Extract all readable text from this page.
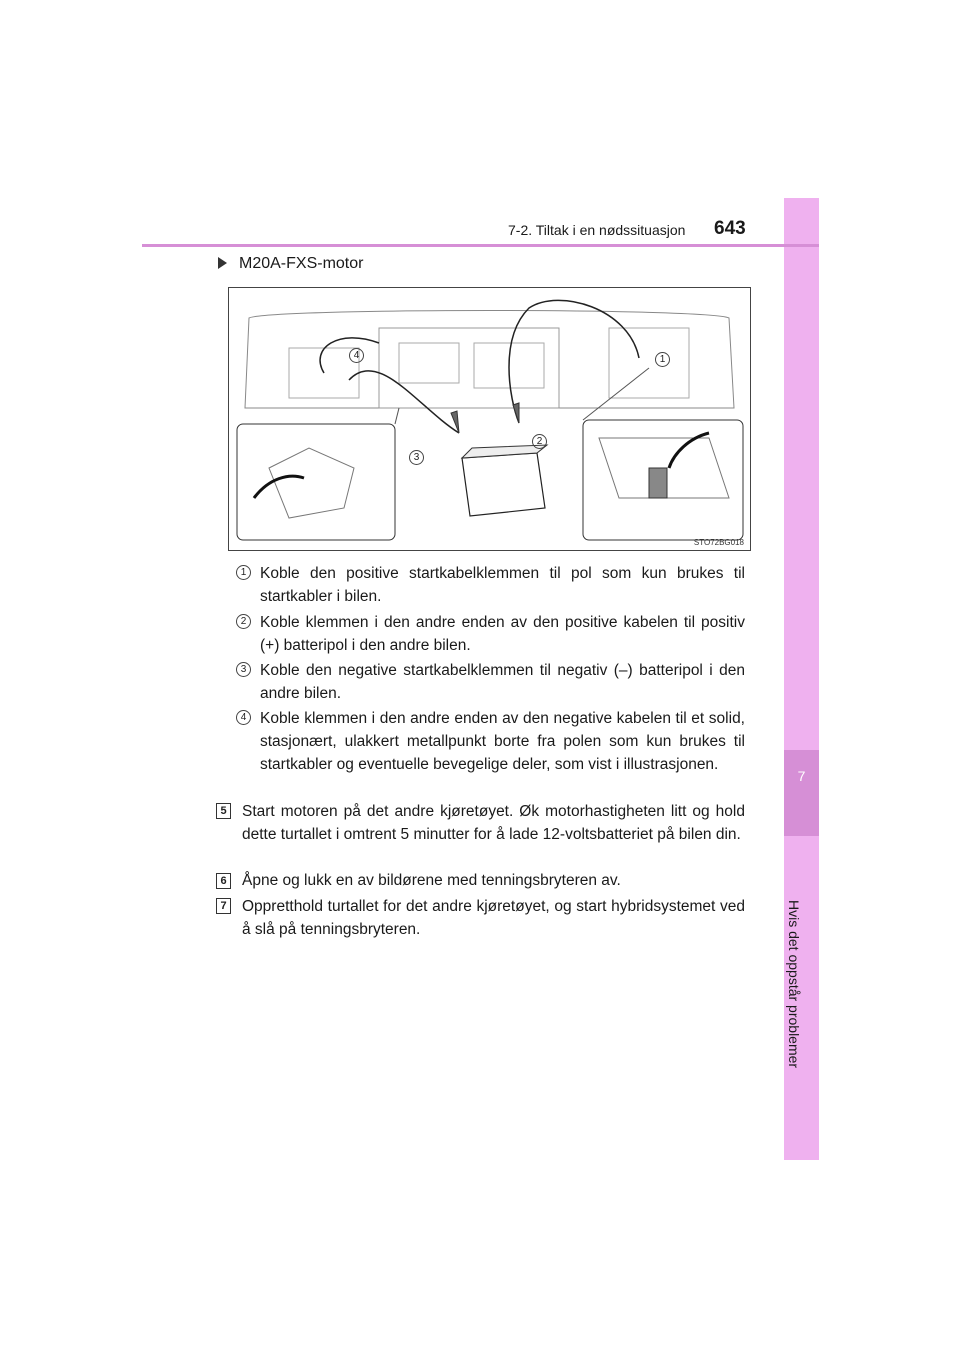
7
Hvis det oppstår problemer
7-2. Tiltak i en nødssituasjon 643
M20A-FXS-motor
4	1
2
3
STO72BG018
1 Koble den positive startkabelklemmen til pol som kun brukes til startkabler i bilen.
2 Koble klemmen i den andre enden av den positive kabelen til positiv (+) batteripol i den andre bilen.
3 Koble den negative startkabelklemmen til negativ (–) batteripol i den andre bilen.
4 Koble klemmen i den andre enden av den negative kabelen til et solid, stasjonært, ulakkert metallpunkt borte fra polen som kun brukes til startkabler og eventuelle bevegelige deler, som vist i illustrasjonen.
5 Start motoren på det andre kjøretøyet. Øk motorhastigheten litt og hold dette turtallet i omtrent 5 minutter for å lade 12-voltsbatteriet på bilen din.
6 Åpne og lukk en av bildørene med tenningsbryteren av.
7 Oppretthold turtallet for det andre kjøretøyet, og start hybridsystemet ved å slå på tenningsbryteren.
